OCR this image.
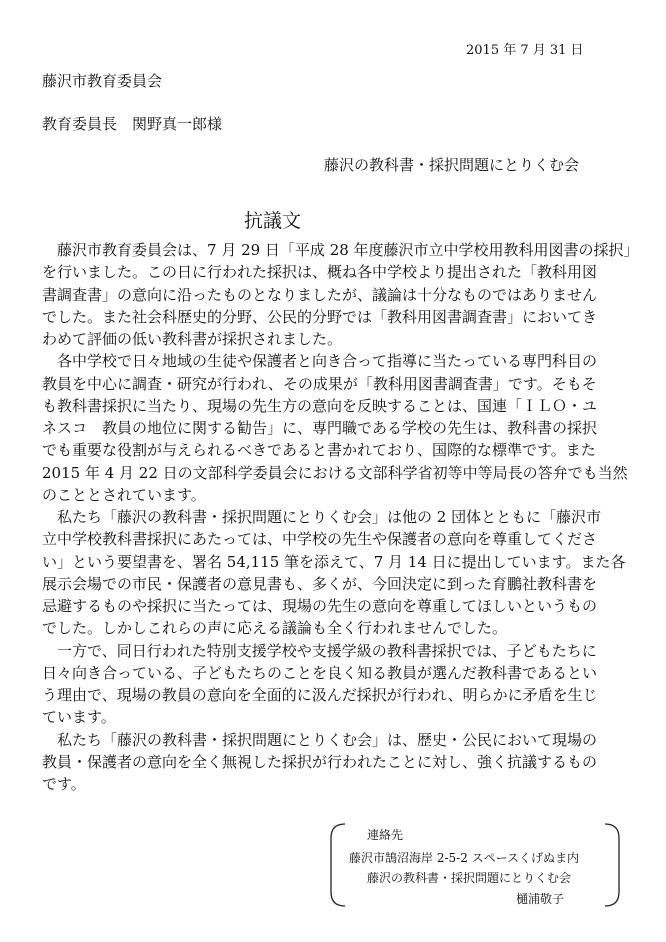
2015 年 7 月 31 日
藤沢市教育委員会
教育委員長　関野真一郎様
藤沢の教科書・採択問題にとりくむ会
抗議文
　藤沢市教育委員会は、7 月 29 日「平成 28 年度藤沢市立中学校用教科用図書の採択」
を行いました。この日に行われた採択は、概ね各中学校より提出された「教科用図
書調査書」の意向に沿ったものとなりましたが、議論は十分なものではありません
でした。また社会科歴史的分野、公民的分野では「教科用図書調査書」においてき
わめて評価の低い教科書が採択されました。
　各中学校で日々地域の生徒や保護者と向き合って指導に当たっている専門科目の
教員を中心に調査・研究が行われ、その成果が「教科用図書調査書」です。そもそ
も教科書採択に当たり、現場の先生方の意向を反映することは、国連「ＩＬＯ・ユ
ネスコ　教員の地位に関する勧告」に、専門職である学校の先生は、教科書の採択
でも重要な役割が与えられるべきであると書かれており、国際的な標準です。また
2015 年 4 月 22 日の文部科学委員会における文部科学省初等中等局長の答弁でも当然
のこととされています。
　私たち「藤沢の教科書・採択問題にとりくむ会」は他の 2 団体とともに「藤沢市
立中学校教科書採択にあたっては、中学校の先生や保護者の意向を尊重してくださ
い」という要望書を、署名 54,115 筆を添えて、7 月 14 日に提出しています。また各
展示会場での市民・保護者の意見書も、多くが、今回決定に到った育鵬社教科書を
忌避するものや採択に当たっては、現場の先生の意向を尊重してほしいというもの
でした。しかしこれらの声に応える議論も全く行われませんでした。
　一方で、同日行われた特別支援学校や支援学級の教科書採択では、子どもたちに
日々向き合っている、子どもたちのことを良く知る教員が選んだ教科書であるとい
う理由で、現場の教員の意向を全面的に汲んだ採択が行われ、明らかに矛盾を生じ
ています。
　私たち「藤沢の教科書・採択問題にとりくむ会」は、歴史・公民において現場の
教員・保護者の意向を全く無視した採択が行われたことに対し、強く抗議するもの
です。
連絡先
藤沢市鵠沼海岸 2-5-2 スペースくげぬま内
藤沢の教科書・採択問題にとりくむ会
樋浦敬子
